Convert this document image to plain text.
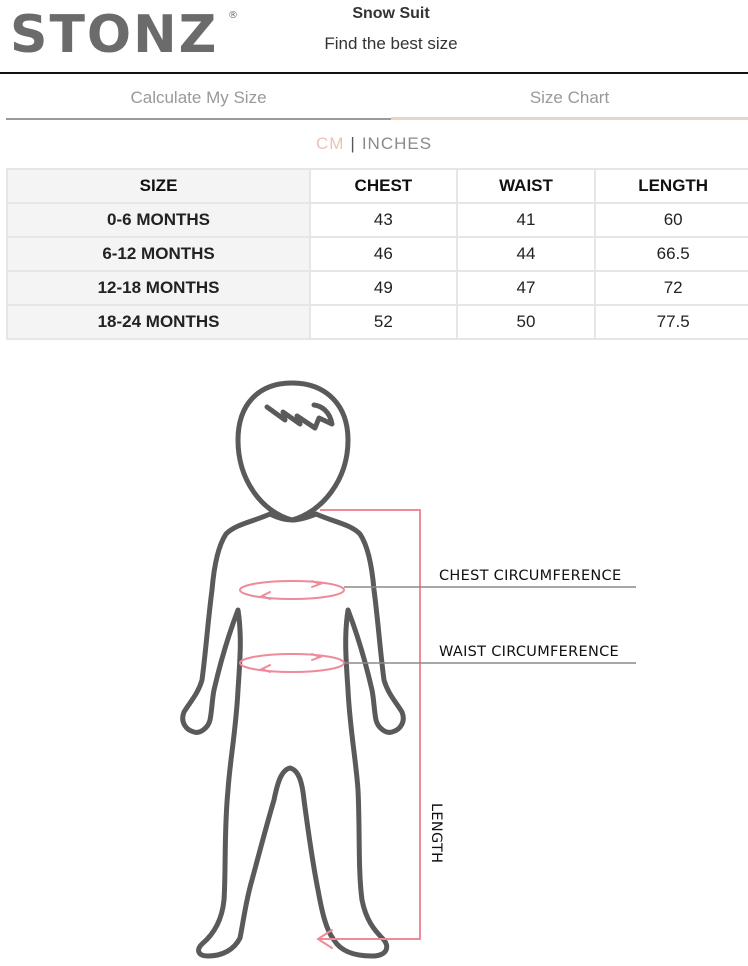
STONZ ®	Snow Suit
Find the best size
Calculate My Size	Size Chart
CM | INCHES
SIZE	CHEST	WAIST	LENGTH
0-6 MONTHS	43	41	60
6-12 MONTHS	46	44	66.5
12-18 MONTHS	49	47	72
18-24 MONTHS	52	50	77.5
CHEST CIRCUMFERENCE
WAIST CIRCUMFERENCE
LENGTH
